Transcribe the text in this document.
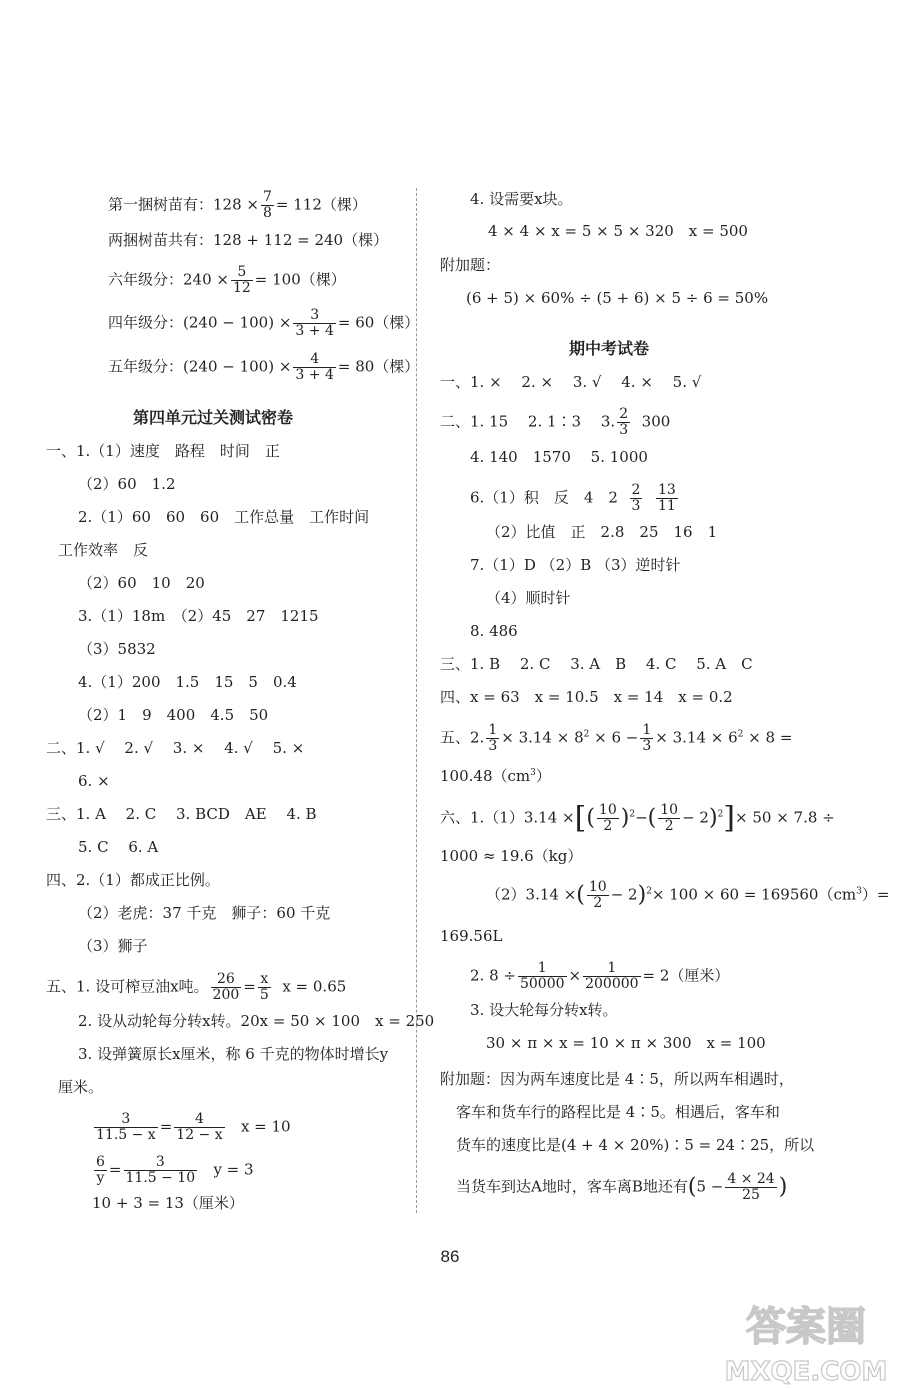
第一捆树苗有：$128 \times \frac{7}{8} = 112$（棵）
两捆树苗共有：128 + 112 = 240（棵）
六年级分：$240 \times \frac{5}{12} = 100$（棵）
四年级分：$(240 - 100) \times \frac{3}{3 + 4} = 60$（棵）
五年级分：$(240 - 100) \times \frac{4}{3 + 4} = 80$（棵）
第四单元过关测试密卷
一、1.（1）速度　路程　时间　正
（2）60　1.2
2.（1）60　60　60　工作总量　工作时间
工作效率　反
（2）60　10　20
3.（1）18m　（2）45　27　1215
（3）5832
4.（1）200　1.5　15　5　0.4
（2）1　9　400　4.5　50
二、1. √　 2. √　 3. ×　 4. √　 5. ×
6. ×
三、1. A　 2. C　 3. BCD　AE　 4. B
5. C　 6. A
四、2.（1）都成正比例。
（2）老虎：37 千克　狮子：60 千克
（3）狮子
五、1. 设可榨豆油x吨。 $\frac{26}{200} = \frac{x}{5}$ x = 0.65
2. 设从动轮每分转x转。20x = 50 × 100　x = 250
3. 设弹簧原长x厘米，称 6 千克的物体时增长y
厘米。
$\frac{3}{11.5 - x} = \frac{4}{12 - x}$ x = 10
$\frac{6}{y} = \frac{3}{11.5 - 10}$ y = 3
10 + 3 = 13（厘米）
4. 设需要x块。
4 × 4 × x = 5 × 5 × 320　x = 500
附加题：
(6 + 5) × 60% ÷ (5 + 6) × 5 ÷ 6 = 50%
期中考试卷
一、1. ×　 2. ×　 3. √　 4. ×　 5. √
二、1. 15　 2. 1∶3　 3. $\frac{2}{3} 300$
4. 140　1570　 5. 1000
6.（1）积　反　4　$2 \frac{2}{3}$
$\frac{13}{11}$
（2）比值　正　2.8　25　16　1
7.（1）D （2）B （3）逆时针
（4）顺时针
8. 486
三、1. B　 2. C　 3. A　B　 4. C　 5. A　C
四、x = 63　x = 10.5　x = 14　x = 0.2
五、2. $\frac{1}{3} \times 3.14 \times 8^2 \times 6 - \frac{1}{3} \times 3.14 \times 6^2 \times 8$ =
$100.48(cm^3)$
六、1.（1）3.14 ×[( $\frac{10}{2} )^2-( \frac{10}{2} - 2)^2]\times 50 \times 7.8$ ÷
1000 ≈ 19.6（kg）
（2）3.14 ×( $\frac{10}{2} - 2)^2\times 100 \times 60 = 169560(cm^3)=$
169.56L
2. $8 \div \frac{1}{50000} \times \frac{1}{200000} = 2$（厘米）
3. 设大轮每分转x转。
30 × π × x = 10 × π × 300　x = 100
附加题：因为两车速度比是 4∶5，所以两车相遇时，
客车和货车行的路程比是 4∶5。相遇后，客车和
货车的速度比是(4 + 4 × 20%)∶5 = 24∶25，所以
当货车到达A地时，客车离B地还有($5 - \frac{4 \times 24}{25}$ )
86
答案圈
MXQE.COM
